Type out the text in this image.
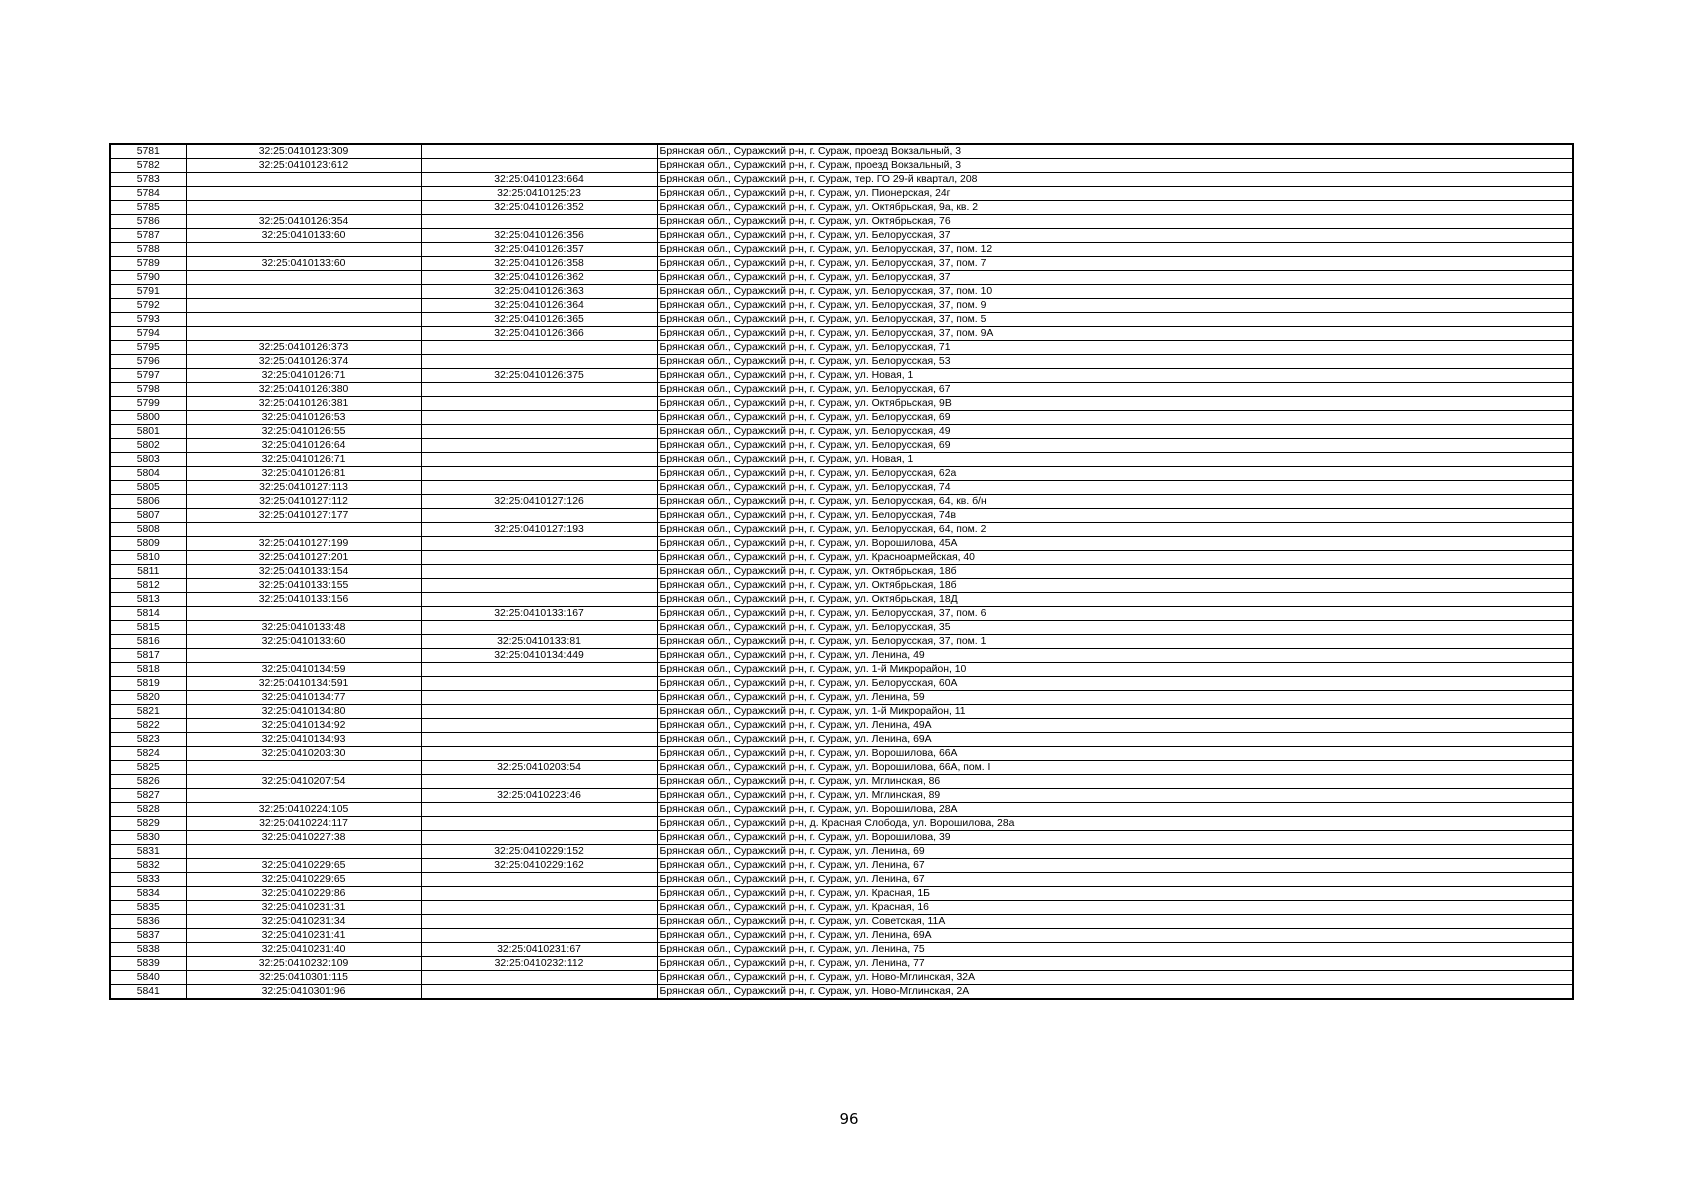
5781	32:25:0410123:309		Брянская обл., Суражский р-н, г. Сураж, проезд Вокзальный, 3
5782	32:25:0410123:612		Брянская обл., Суражский р-н, г. Сураж, проезд Вокзальный, 3
5783		32:25:0410123:664	Брянская обл., Суражский р-н, г. Сураж, тер. ГО 29-й квартал, 208
5784		32:25:0410125:23	Брянская обл., Суражский р-н, г. Сураж, ул. Пионерская, 24г
5785		32:25:0410126:352	Брянская обл., Суражский р-н, г. Сураж, ул. Октябрьская, 9а, кв. 2
5786	32:25:0410126:354		Брянская обл., Суражский р-н, г. Сураж, ул. Октябрьская, 76
5787	32:25:0410133:60	32:25:0410126:356	Брянская обл., Суражский р-н, г. Сураж, ул. Белорусская, 37
5788		32:25:0410126:357	Брянская обл., Суражский р-н, г. Сураж, ул. Белорусская, 37, пом. 12
5789	32:25:0410133:60	32:25:0410126:358	Брянская обл., Суражский р-н, г. Сураж, ул. Белорусская, 37, пом. 7
5790		32:25:0410126:362	Брянская обл., Суражский р-н, г. Сураж, ул. Белорусская, 37
5791		32:25:0410126:363	Брянская обл., Суражский р-н, г. Сураж, ул. Белорусская, 37, пом. 10
5792		32:25:0410126:364	Брянская обл., Суражский р-н, г. Сураж, ул. Белорусская, 37, пом. 9
5793		32:25:0410126:365	Брянская обл., Суражский р-н, г. Сураж, ул. Белорусская, 37, пом. 5
5794		32:25:0410126:366	Брянская обл., Суражский р-н, г. Сураж, ул. Белорусская, 37, пом. 9А
5795	32:25:0410126:373		Брянская обл., Суражский р-н, г. Сураж, ул. Белорусская, 71
5796	32:25:0410126:374		Брянская обл., Суражский р-н, г. Сураж, ул. Белорусская, 53
5797	32:25:0410126:71	32:25:0410126:375	Брянская обл., Суражский р-н, г. Сураж, ул. Новая, 1
5798	32:25:0410126:380		Брянская обл., Суражский р-н, г. Сураж, ул. Белорусская, 67
5799	32:25:0410126:381		Брянская обл., Суражский р-н, г. Сураж, ул. Октябрьская, 9В
5800	32:25:0410126:53		Брянская обл., Суражский р-н, г. Сураж, ул. Белорусская, 69
5801	32:25:0410126:55		Брянская обл., Суражский р-н, г. Сураж, ул. Белорусская, 49
5802	32:25:0410126:64		Брянская обл., Суражский р-н, г. Сураж, ул. Белорусская, 69
5803	32:25:0410126:71		Брянская обл., Суражский р-н, г. Сураж, ул. Новая, 1
5804	32:25:0410126:81		Брянская обл., Суражский р-н, г. Сураж, ул. Белорусская, 62а
5805	32:25:0410127:113		Брянская обл., Суражский р-н, г. Сураж, ул. Белорусская, 74
5806	32:25:0410127:112	32:25:0410127:126	Брянская обл., Суражский р-н, г. Сураж, ул. Белорусская, 64, кв. б/н
5807	32:25:0410127:177		Брянская обл., Суражский р-н, г. Сураж, ул. Белорусская, 74в
5808		32:25:0410127:193	Брянская обл., Суражский р-н, г. Сураж, ул. Белорусская, 64, пом. 2
5809	32:25:0410127:199		Брянская обл., Суражский р-н, г. Сураж, ул. Ворошилова, 45А
5810	32:25:0410127:201		Брянская обл., Суражский р-н, г. Сураж, ул. Красноармейская, 40
5811	32:25:0410133:154		Брянская обл., Суражский р-н, г. Сураж, ул. Октябрьская, 18б
5812	32:25:0410133:155		Брянская обл., Суражский р-н, г. Сураж, ул. Октябрьская, 18б
5813	32:25:0410133:156		Брянская обл., Суражский р-н, г. Сураж, ул. Октябрьская, 18Д
5814		32:25:0410133:167	Брянская обл., Суражский р-н, г. Сураж, ул. Белорусская, 37, пом. 6
5815	32:25:0410133:48		Брянская обл., Суражский р-н, г. Сураж, ул. Белорусская, 35
5816	32:25:0410133:60	32:25:0410133:81	Брянская обл., Суражский р-н, г. Сураж, ул. Белорусская, 37, пом. 1
5817		32:25:0410134:449	Брянская обл., Суражский р-н, г. Сураж, ул. Ленина, 49
5818	32:25:0410134:59		Брянская обл., Суражский р-н, г. Сураж, ул. 1-й Микрорайон, 10
5819	32:25:0410134:591		Брянская обл., Суражский р-н, г. Сураж, ул. Белорусская, 60А
5820	32:25:0410134:77		Брянская обл., Суражский р-н, г. Сураж, ул. Ленина, 59
5821	32:25:0410134:80		Брянская обл., Суражский р-н, г. Сураж, ул. 1-й Микрорайон, 11
5822	32:25:0410134:92		Брянская обл., Суражский р-н, г. Сураж, ул. Ленина, 49А
5823	32:25:0410134:93		Брянская обл., Суражский р-н, г. Сураж, ул. Ленина, 69А
5824	32:25:0410203:30		Брянская обл., Суражский р-н, г. Сураж, ул. Ворошилова, 66А
5825		32:25:0410203:54	Брянская обл., Суражский р-н, г. Сураж, ул. Ворошилова, 66А, пом. I
5826	32:25:0410207:54		Брянская обл., Суражский р-н, г. Сураж, ул. Мглинская, 86
5827		32:25:0410223:46	Брянская обл., Суражский р-н, г. Сураж, ул. Мглинская, 89
5828	32:25:0410224:105		Брянская обл., Суражский р-н, г. Сураж, ул. Ворошилова, 28А
5829	32:25:0410224:117		Брянская обл., Суражский р-н, д. Красная Слобода, ул. Ворошилова, 28а
5830	32:25:0410227:38		Брянская обл., Суражский р-н, г. Сураж, ул. Ворошилова, 39
5831		32:25:0410229:152	Брянская обл., Суражский р-н, г. Сураж, ул. Ленина, 69
5832	32:25:0410229:65	32:25:0410229:162	Брянская обл., Суражский р-н, г. Сураж, ул. Ленина, 67
5833	32:25:0410229:65		Брянская обл., Суражский р-н, г. Сураж, ул. Ленина, 67
5834	32:25:0410229:86		Брянская обл., Суражский р-н, г. Сураж, ул. Красная, 1Б
5835	32:25:0410231:31		Брянская обл., Суражский р-н, г. Сураж, ул. Красная, 16
5836	32:25:0410231:34		Брянская обл., Суражский р-н, г. Сураж, ул. Советская, 11А
5837	32:25:0410231:41		Брянская обл., Суражский р-н, г. Сураж, ул. Ленина, 69А
5838	32:25:0410231:40	32:25:0410231:67	Брянская обл., Суражский р-н, г. Сураж, ул. Ленина, 75
5839	32:25:0410232:109	32:25:0410232:112	Брянская обл., Суражский р-н, г. Сураж, ул. Ленина, 77
5840	32:25:0410301:115		Брянская обл., Суражский р-н, г. Сураж, ул. Ново-Мглинская, 32А
5841	32:25:0410301:96		Брянская обл., Суражский р-н, г. Сураж, ул. Ново-Мглинская, 2А
96
